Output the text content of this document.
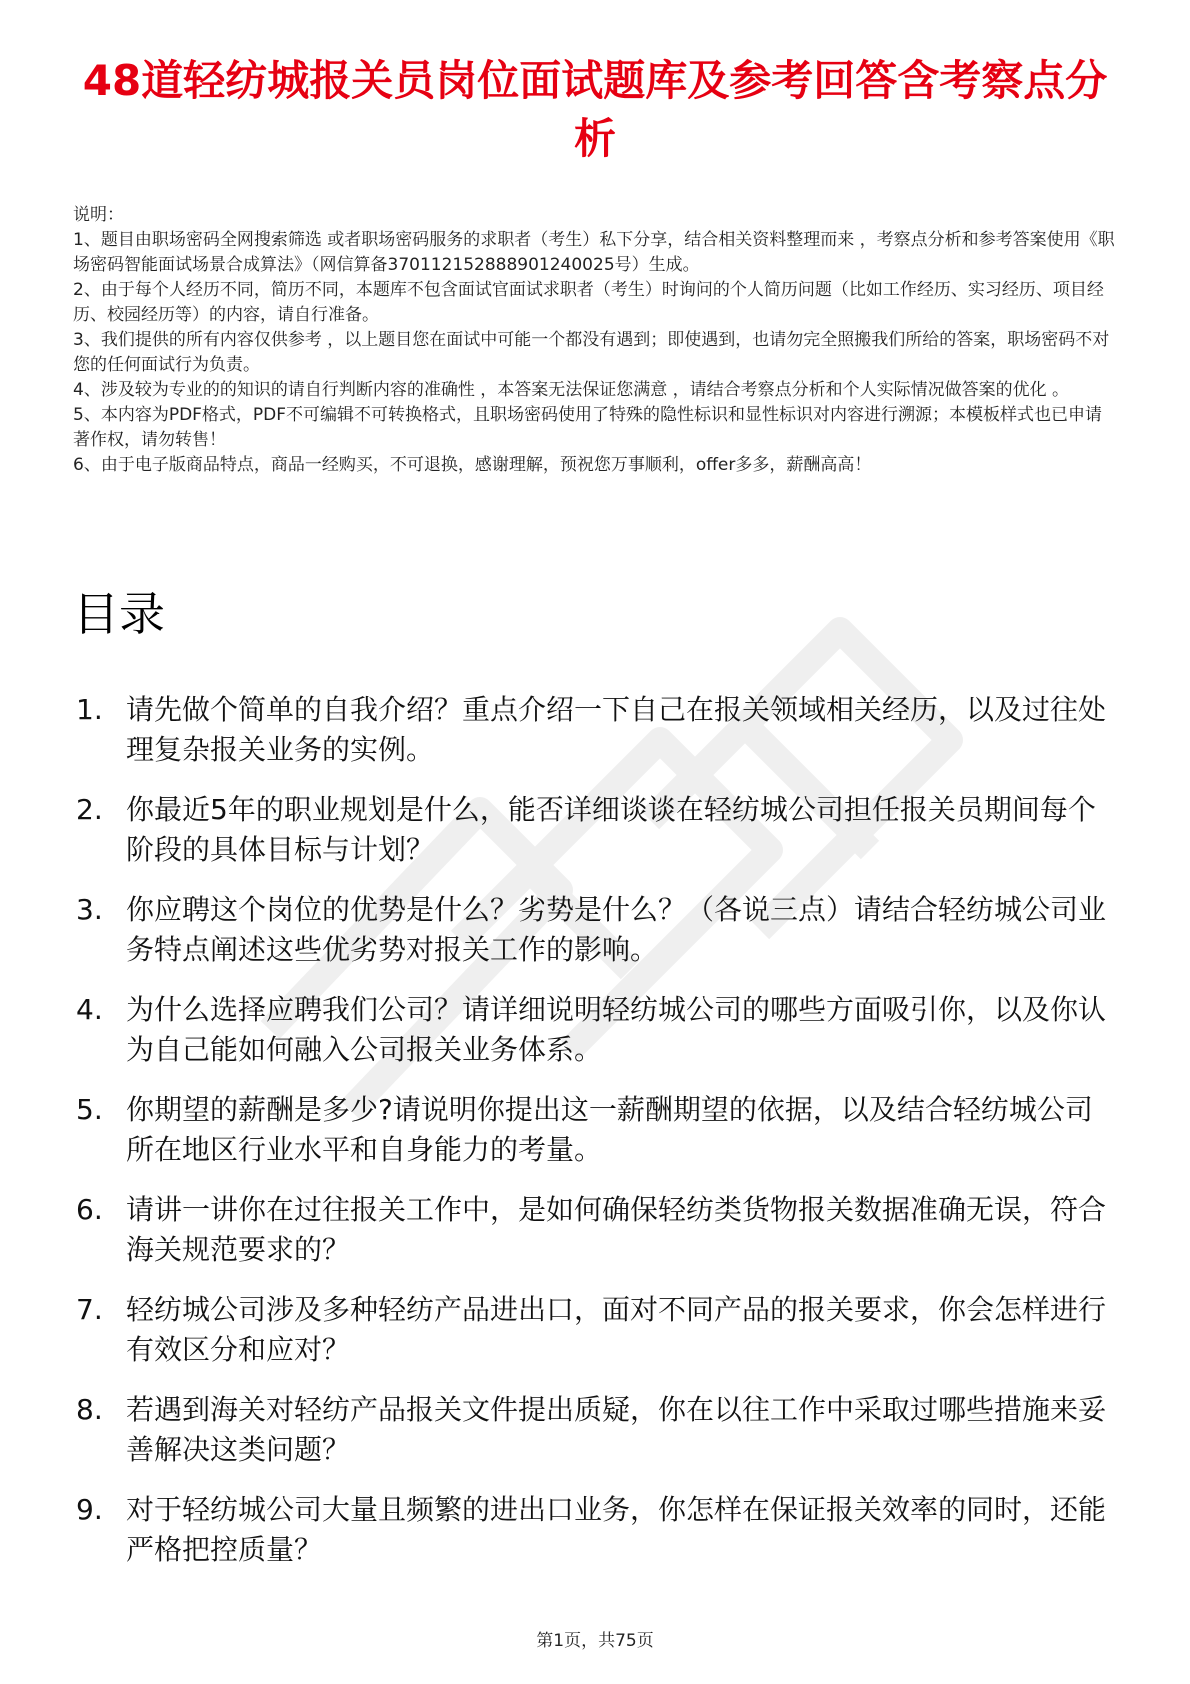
48道轻纺城报关员岗位面试题库及参考回答含考察点分析

说明：

1、题目由职场密码全网搜索筛选 或者职场密码服务的求职者（考生）私下分享，结合相关资料整理而来 ，考察点分析和参考答案使用《职场密码智能面试场景合成算法》（网信算备370112152888901240025号）生成。

2、由于每个人经历不同，简历不同，本题库不包含面试官面试求职者（考生）时询问的个人简历问题（比如工作经历、实习经历、项目经历、校园经历等）的内容，请自行准备。

3、我们提供的所有内容仅供参考 ，以上题目您在面试中可能一个都没有遇到；即使遇到，也请勿完全照搬我们所给的答案，职场密码不对您的任何面试行为负责。

4、涉及较为专业的的知识的请自行判断内容的准确性 ，本答案无法保证您满意 ，请结合考察点分析和个人实际情况做答案的优化 。

5、本内容为PDF格式，PDF不可编辑不可转换格式，且职场密码使用了特殊的隐性标识和显性标识对内容进行溯源；本模板样式也已申请著作权，请勿转售！

6、由于电子版商品特点，商品一经购买，不可退换，感谢理解，预祝您万事顺利，offer多多，薪酬高高！

目录
1. 请先做个简单的自我介绍？重点介绍一下自己在报关领域相关经历，以及过往处理复杂报关业务的实例。
2. 你最近5年的职业规划是什么，能否详细谈谈在轻纺城公司担任报关员期间每个阶段的具体目标与计划？
3. 你应聘这个岗位的优势是什么？劣势是什么？（各说三点）请结合轻纺城公司业务特点阐述这些优劣势对报关工作的影响。
4. 为什么选择应聘我们公司？请详细说明轻纺城公司的哪些方面吸引你，以及你认为自己能如何融入公司报关业务体系。
5. 你期望的薪酬是多少?请说明你提出这一薪酬期望的依据，以及结合轻纺城公司所在地区行业水平和自身能力的考量。
6. 请讲一讲你在过往报关工作中，是如何确保轻纺类货物报关数据准确无误，符合海关规范要求的？
7. 轻纺城公司涉及多种轻纺产品进出口，面对不同产品的报关要求，你会怎样进行有效区分和应对？
8. 若遇到海关对轻纺产品报关文件提出质疑，你在以往工作中采取过哪些措施来妥善解决这类问题？
9. 对于轻纺城公司大量且频繁的进出口业务，你怎样在保证报关效率的同时，还能严格把控质量？
第1页，共75页
